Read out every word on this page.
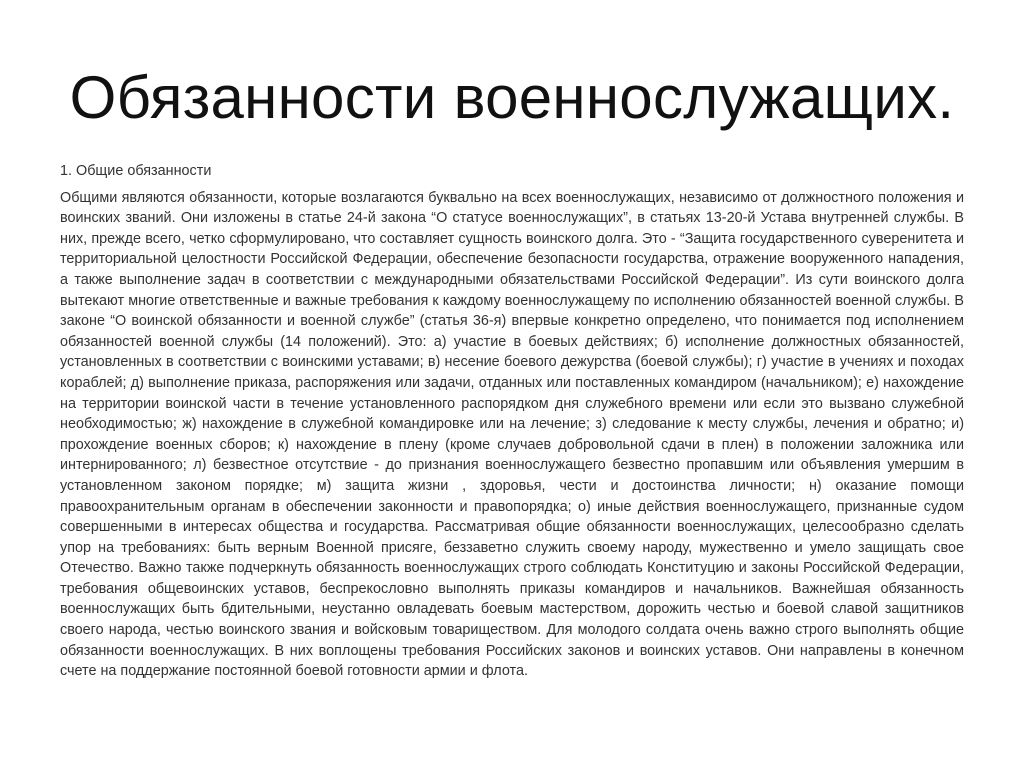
Обязанности военнослужащих.

1. Общие обязанности

Общими являются обязанности, которые возлагаются буквально на всех военнослужащих, независимо от должностного положения и воинских званий. Они изложены в статье 24-й закона “О статусе военнослужащих”, в статьях 13-20-й Устава внутренней службы. В них, прежде всего, четко сформулировано, что составляет сущность воинского долга. Это - “Защита государственного суверенитета и территориальной целостности Российской Федерации, обеспечение безопасности государства, отражение вооруженного нападения, а также выполнение задач в соответствии с международными обязательствами Российской Федерации”. Из сути воинского долга вытекают многие ответственные и важные требования к каждому военнослужащему по исполнению обязанностей военной службы. В законе “О воинской обязанности и военной службе” (статья 36-я) впервые конкретно определено, что понимается под исполнением обязанностей военной службы (14 положений). Это: а) участие в боевых действиях; б) исполнение должностных обязанностей, установленных в соответствии с воинскими уставами; в) несение боевого дежурства (боевой службы); г) участие в учениях и походах кораблей; д) выполнение приказа, распоряжения или задачи, отданных или поставленных командиром (начальником); е) нахождение на территории воинской части в течение установленного распорядком дня служебного времени или если это вызвано служебной необходимостью; ж) нахождение в служебной командировке или на лечение; з) следование к месту службы, лечения и обратно; и) прохождение военных сборов; к) нахождение в плену (кроме случаев добровольной сдачи в плен) в положении заложника или интернированного; л) безвестное отсутствие - до признания военнослужащего безвестно пропавшим или объявления умершим в установленном законом порядке; м) защита жизни , здоровья, чести и достоинства личности; н) оказание помощи правоохранительным органам в обеспечении законности и правопорядка; о) иные действия военнослужащего, признанные судом совершенными в интересах общества и государства. Рассматривая общие обязанности военнослужащих, целесообразно сделать упор на требованиях: быть верным Военной присяге, беззаветно служить своему народу, мужественно и умело защищать свое Отечество. Важно также подчеркнуть обязанность военнослужащих строго соблюдать Конституцию и законы Российской Федерации, требования общевоинских уставов, беспрекословно выполнять приказы командиров и начальников. Важнейшая обязанность военнослужащих быть бдительными, неустанно овладевать боевым мастерством, дорожить честью и боевой славой защитников своего народа, честью воинского звания и войсковым товариществом. Для молодого солдата очень важно строго выполнять общие обязанности военнослужащих. В них воплощены требования Российских законов и воинских уставов. Они направлены в конечном счете на поддержание постоянной боевой готовности армии и флота.
